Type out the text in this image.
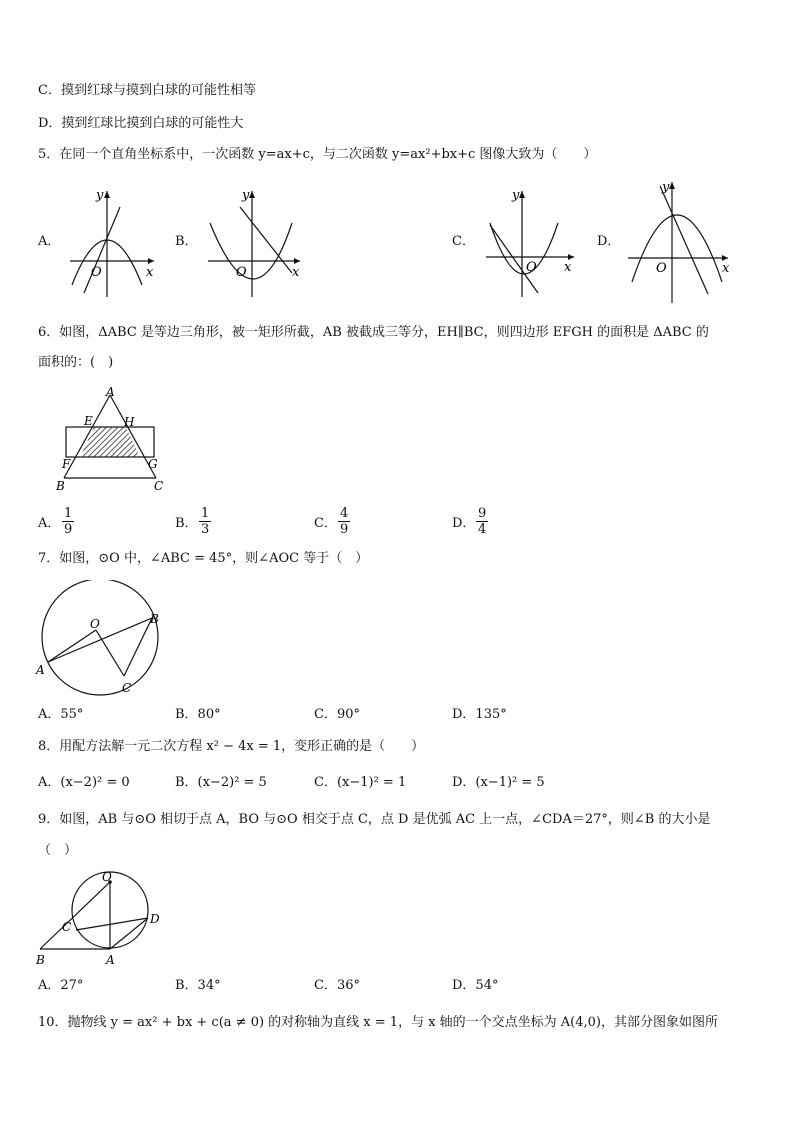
C．摸到红球与摸到白球的可能性相等
D．摸到红球比摸到白球的可能性大
5．在同一个直角坐标系中，一次函数 y=ax+c，与二次函数 y=ax²+bx+c 图像大致为（　　）
A．
y
x
O
B．
y
x
O
C．
y
x
O
D．
y
x
O
6．如图，ΔABC 是等边三角形，被一矩形所截，AB 被截成三等分，EH∥BC，则四边形 EFGH 的面积是 ΔABC 的
面积的：(　)
A
E	H
F	G
B	C
A． $\frac{1}{9}$	B． $\frac{1}{3}$	C． $\frac{4}{9}$	D． $\frac{9}{4}$
7．如图，⊙O 中，∠ABC = 45°，则∠AOC 等于（　）
O	B
A
C
A．55°	B．80°	C．90°	D．135°
8．用配方法解一元二次方程 x² − 4x = 1，变形正确的是（　　）
A．(x−2)² = 0	B．(x−2)² = 5	C．(x−1)² = 1	D．(x−1)² = 5
9．如图，AB 与⊙O 相切于点 A，BO 与⊙O 相交于点 C，点 D 是优弧 AC 上一点，∠CDA＝27°，则∠B 的大小是
（　）
O
C
D
B	A
A．27°	B．34°	C．36°	D．54°
10．抛物线 y = ax² + bx + c(a ≠ 0) 的对称轴为直线 x = 1，与 x 轴的一个交点坐标为 A(4,0)，其部分图象如图所
